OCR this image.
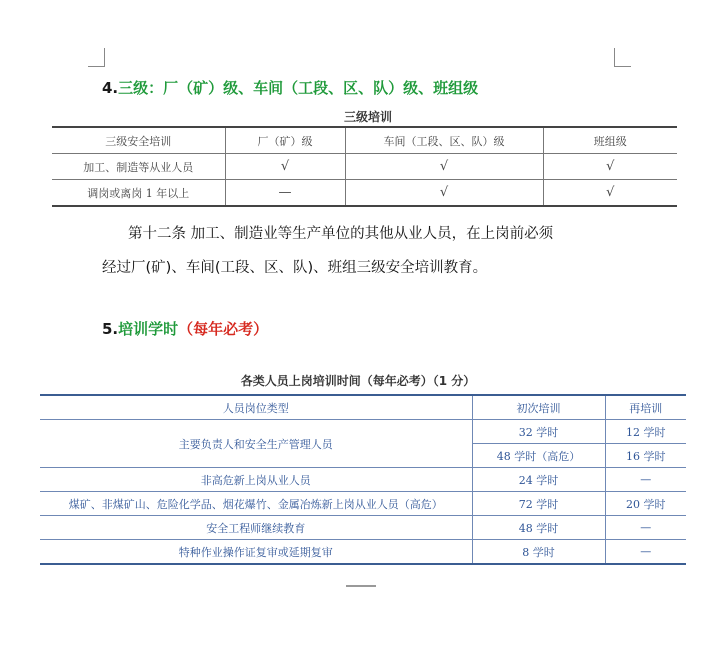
4.三级：厂（矿）级、车间（工段、区、队）级、班组级
三级培训
三级安全培训	厂（矿）级	车间（工段、区、队）级	班组级
加工、制造等从业人员	√	√	√
调岗或离岗 1 年以上	—	√	√
第十二条 加工、制造业等生产单位的其他从业人员，在上岗前必须
经过厂(矿)、车间(工段、区、队)、班组三级安全培训教育。
5.培训学时（每年必考）
各类人员上岗培训时间（每年必考）（1 分）
人员岗位类型	初次培训	再培训
主要负责人和安全生产管理人员	32 学时	12 学时
	48 学时（高危）	16 学时
非高危新上岗从业人员	24 学时	—
煤矿、非煤矿山、危险化学品、烟花爆竹、金属冶炼新上岗从业人员（高危）	72 学时	20 学时
安全工程师继续教育	48 学时	—
特种作业操作证复审或延期复审	8 学时	—
